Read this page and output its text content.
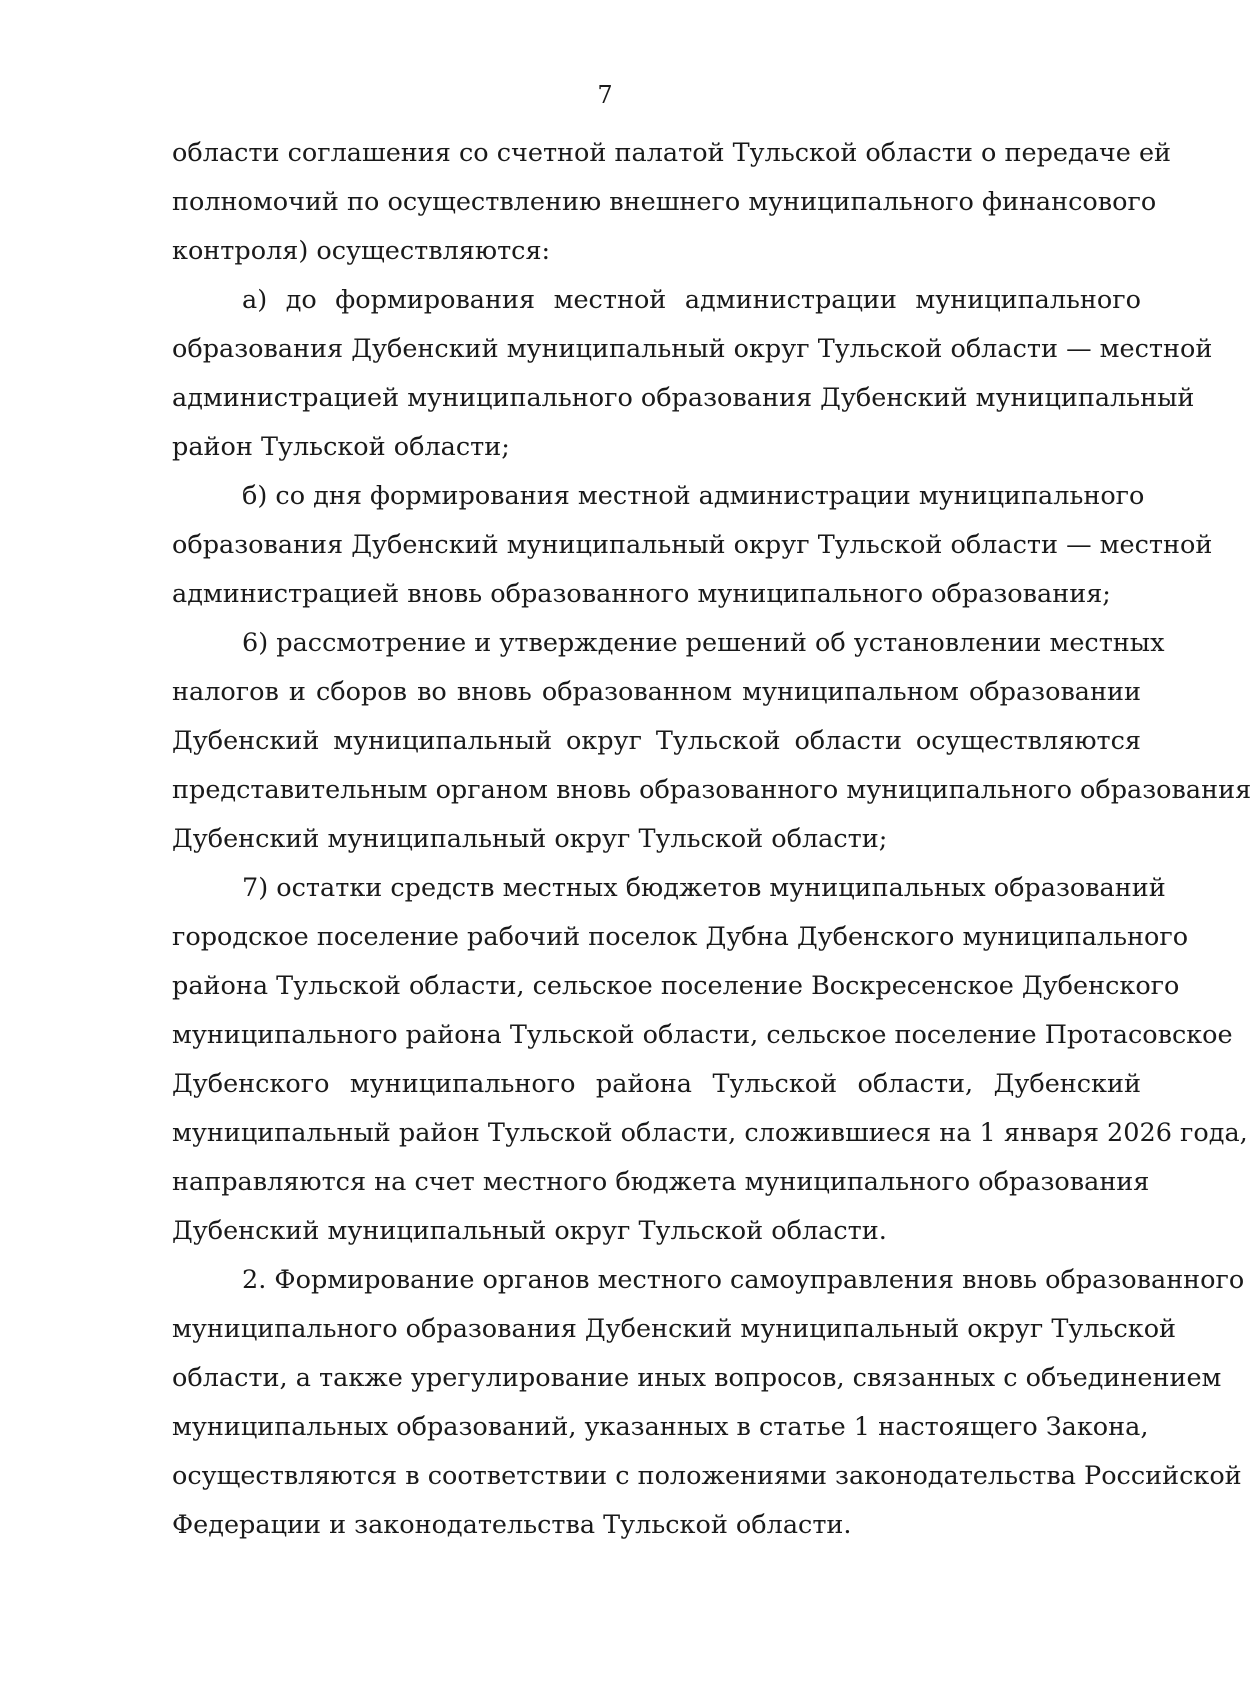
7
области соглашения со счетной палатой Тульской области о передаче ей
полномочий по осуществлению внешнего муниципального финансового
контроля) осуществляются:
а) до формирования местной администрации муниципального
образования Дубенский муниципальный округ Тульской области — местной
администрацией муниципального образования Дубенский муниципальный
район Тульской области;
б) со дня формирования местной администрации муниципального
образования Дубенский муниципальный округ Тульской области — местной
администрацией вновь образованного муниципального образования;
6) рассмотрение и утверждение решений об установлении местных
налогов и сборов во вновь образованном муниципальном образовании
Дубенский муниципальный округ Тульской области осуществляются
представительным органом вновь образованного муниципального образования
Дубенский муниципальный округ Тульской области;
7) остатки средств местных бюджетов муниципальных образований
городское поселение рабочий поселок Дубна Дубенского муниципального
района Тульской области, сельское поселение Воскресенское Дубенского
муниципального района Тульской области, сельское поселение Протасовское
Дубенского муниципального района Тульской области, Дубенский
муниципальный район Тульской области, сложившиеся на 1 января 2026 года,
направляются на счет местного бюджета муниципального образования
Дубенский муниципальный округ Тульской области.
2. Формирование органов местного самоуправления вновь образованного
муниципального образования Дубенский муниципальный округ Тульской
области, а также урегулирование иных вопросов, связанных с объединением
муниципальных образований, указанных в статье 1 настоящего Закона,
осуществляются в соответствии с положениями законодательства Российской
Федерации и законодательства Тульской области.
